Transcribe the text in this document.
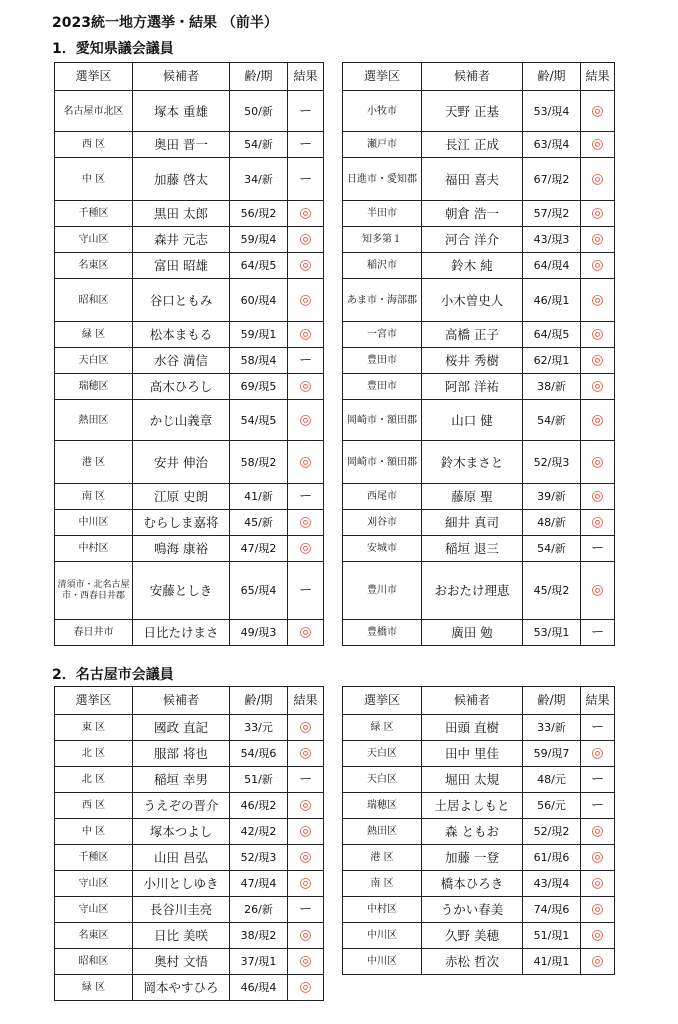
2023統一地方選挙・結果 （前半）
1．愛知県議会議員
選挙区	候補者	齢/期	結果
名古屋市北区	塚本 重雄	50/新	ー
西 区	奥田 晋一	54/新	ー
中 区	加藤 啓太	34/新	ー
千種区	黒田 太郎	56/現2	◎
守山区	森井 元志	59/現4	◎
名東区	富田 昭雄	64/現5	◎
昭和区	谷口ともみ	60/現4	◎
緑 区	松本まもる	59/現1	◎
天白区	水谷 満信	58/現4	ー
瑞穂区	高木ひろし	69/現5	◎
熱田区	かじ山義章	54/現5	◎
港 区	安井 伸治	58/現2	◎
南 区	江原 史朗	41/新	ー
中川区	むらしま嘉将	45/新	◎
中村区	鳴海 康裕	47/現2	◎
清須市・北名古屋市・西春日井郡	安藤としき	65/現4	ー
春日井市	日比たけまさ	49/現3	◎
選挙区	候補者	齢/期	結果
小牧市	天野 正基	53/現4	◎
瀬戸市	長江 正成	63/現4	◎
日進市・愛知郡	福田 喜夫	67/現2	◎
半田市	朝倉 浩一	57/現2	◎
知多第１	河合 洋介	43/現3	◎
稲沢市	鈴木 純	64/現4	◎
あま市・海部郡	小木曽史人	46/現1	◎
一宮市	高橋 正子	64/現5	◎
豊田市	桜井 秀樹	62/現1	◎
豊田市	阿部 洋祐	38/新	◎
岡崎市・額田郡	山口 健	54/新	◎
岡崎市・額田郡	鈴木まさと	52/現3	◎
西尾市	藤原 聖	39/新	◎
刈谷市	細井 真司	48/新	◎
安城市	稲垣 退三	54/新	ー
豊川市	おおたけ理恵	45/現2	◎
豊橋市	廣田 勉	53/現1	ー
2．名古屋市会議員
選挙区	候補者	齢/期	結果
東 区	國政 直記	33/元	◎
北 区	服部 将也	54/現6	◎
北 区	稲垣 幸男	51/新	ー
西 区	うえぞの晋介	46/現2	◎
中 区	塚本つよし	42/現2	◎
千種区	山田 昌弘	52/現3	◎
守山区	小川としゆき	47/現4	◎
守山区	長谷川圭亮	26/新	ー
名東区	日比 美咲	38/現2	◎
昭和区	奥村 文悟	37/現1	◎
緑 区	岡本やすひろ	46/現4	◎
選挙区	候補者	齢/期	結果
緑 区	田頭 直樹	33/新	ー
天白区	田中 里佳	59/現7	◎
天白区	堀田 太規	48/元	ー
瑞穂区	土居よしもと	56/元	ー
熱田区	森 ともお	52/現2	◎
港 区	加藤 一登	61/現6	◎
南 区	橋本ひろき	43/現4	◎
中村区	うかい春美	74/現6	◎
中川区	久野 美穂	51/現1	◎
中川区	赤松 哲次	41/現1	◎
